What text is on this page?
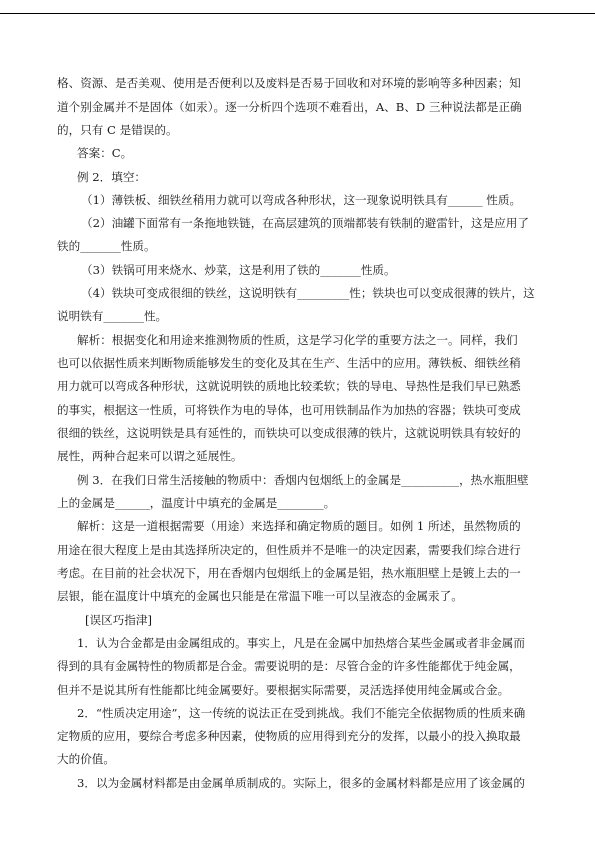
格、资源、是否美观、使用是否便利以及废料是否易于回收和对环境的影响等多种因素；知
道个别金属并不是固体（如汞）。逐一分析四个选项不难看出，A、B、D 三种说法都是正确
的，只有 C 是错误的。
答案：C。
例 2．填空：
（1）薄铁板、细铁丝稍用力就可以弯成各种形状，这一现象说明铁具有______ 性质。
（2）油罐下面常有一条拖地铁链，在高层建筑的顶端都装有铁制的避雷针，这是应用了
铁的_______性质。
（3）铁锅可用来烧水、炒菜，这是利用了铁的_______性质。
（4）铁块可变成很细的铁丝，这说明铁有_________性；铁块也可以变成很薄的铁片，这
说明铁有_______性。
解析：根据变化和用途来推测物质的性质，这是学习化学的重要方法之一。同样，我们
也可以依据性质来判断物质能够发生的变化及其在生产、生活中的应用。薄铁板、细铁丝稍
用力就可以弯成各种形状，这就说明铁的质地比较柔软；铁的导电、导热性是我们早已熟悉
的事实，根据这一性质，可将铁作为电的导体，也可用铁制品作为加热的容器；铁块可变成
很细的铁丝，这说明铁是具有延性的，而铁块可以变成很薄的铁片，这就说明铁具有较好的
展性，两种合起来可以谓之延展性。
例 3．在我们日常生活接触的物质中：香烟内包烟纸上的金属是__________，热水瓶胆壁
上的金属是______，温度计中填充的金属是________。
解析：这是一道根据需要（用途）来选择和确定物质的题目。如例 1 所述，虽然物质的
用途在很大程度上是由其选择所决定的，但性质并不是唯一的决定因素，需要我们综合进行
考虑。在目前的社会状况下，用在香烟内包烟纸上的金属是铝，热水瓶胆壁上是镀上去的一
层银，能在温度计中填充的金属也只能是在常温下唯一可以呈液态的金属汞了。
[误区巧指津]
1．认为合金都是由金属组成的。事实上，凡是在金属中加热熔合某些金属或者非金属而
得到的具有金属特性的物质都是合金。需要说明的是：尽管合金的许多性能都优于纯金属，
但并不是说其所有性能都比纯金属要好。要根据实际需要，灵活选择使用纯金属或合金。
2．“性质决定用途”，这一传统的说法正在受到挑战。我们不能完全依据物质的性质来确
定物质的应用，要综合考虑多种因素，使物质的应用得到充分的发挥，以最小的投入换取最
大的价值。
3．以为金属材料都是由金属单质制成的。实际上，很多的金属材料都是应用了该金属的
